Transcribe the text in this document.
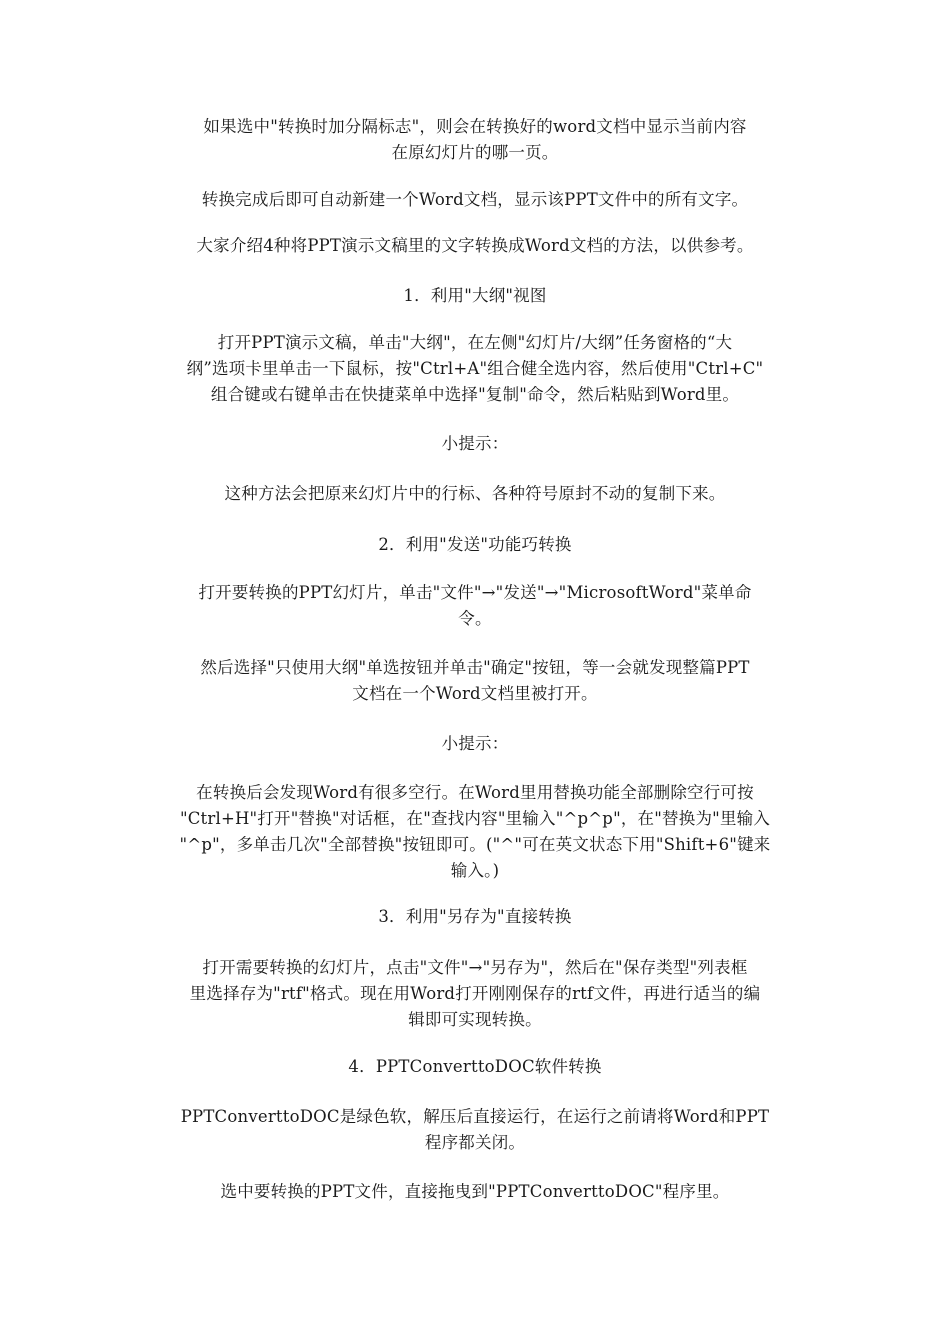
如果选中"转换时加分隔标志"，则会在转换好的word文档中显示当前内容
在原幻灯片的哪一页。
转换完成后即可自动新建一个Word文档，显示该PPT文件中的所有文字。
大家介绍4种将PPT演示文稿里的文字转换成Word文档的方法，以供参考。
1．利用"大纲"视图
打开PPT演示文稿，单击"大纲"，在左侧"幻灯片/大纲”任务窗格的“大
纲”选项卡里单击一下鼠标，按"Ctrl+A"组合健全选内容，然后使用"Ctrl+C"
组合键或右键单击在快捷菜单中选择"复制"命令，然后粘贴到Word里。
小提示：
这种方法会把原来幻灯片中的行标、各种符号原封不动的复制下来。
2．利用"发送"功能巧转换
打开要转换的PPT幻灯片，单击"文件"→"发送"→"MicrosoftWord"菜单命
令。
然后选择"只使用大纲"单选按钮并单击"确定"按钮，等一会就发现整篇PPT
文档在一个Word文档里被打开。
小提示：
在转换后会发现Word有很多空行。在Word里用替换功能全部删除空行可按
"Ctrl+H"打开"替换"对话框，在"查找内容"里输入"^p^p"，在"替换为"里输入
"^p"，多单击几次"全部替换"按钮即可。("^"可在英文状态下用"Shift+6"键来
输入。)
3．利用"另存为"直接转换
打开需要转换的幻灯片，点击"文件"→"另存为"，然后在"保存类型"列表框
里选择存为"rtf"格式。现在用Word打开刚刚保存的rtf文件，再进行适当的编
辑即可实现转换。
4．PPTConverttoDOC软件转换
PPTConverttoDOC是绿色软，解压后直接运行，在运行之前请将Word和PPT
程序都关闭。
选中要转换的PPT文件，直接拖曳到"PPTConverttoDOC"程序里。
